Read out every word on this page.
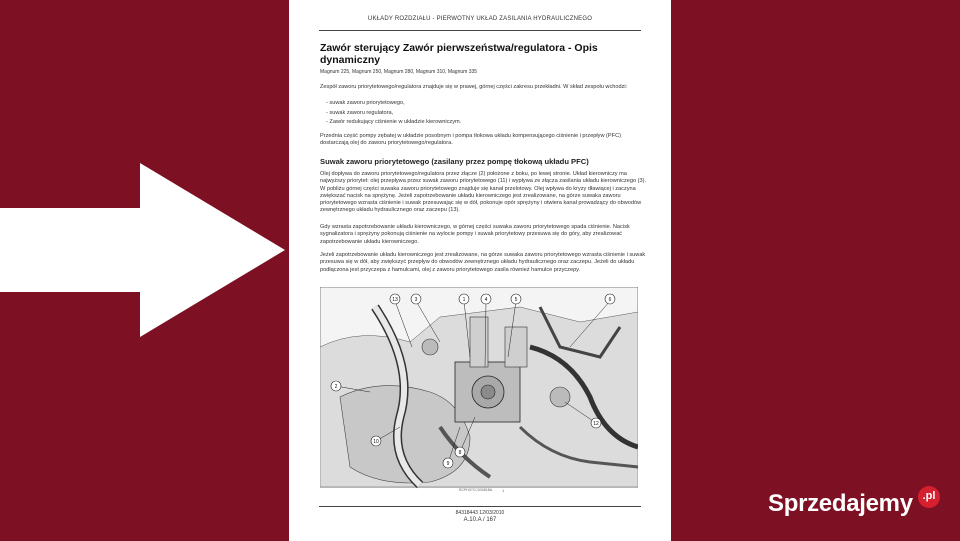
UKŁADY ROZDZIAŁU - PIERWOTNY UKŁAD ZASILANIA HYDRAULICZNEGO
Zawór sterujący Zawór pierwszeństwa/regulatora - Opis dynamiczny
Magnum 225, Magnum 250, Magnum 280, Magnum 310, Magnum 335
Zespół zaworu priorytetowego/regulatora znajduje się w prawej, górnej części zakresu przekładni. W skład zespołu wchodzi:
- suwak zaworu priorytetowego,
- suwak zaworu regulatora,
- Zawór redukujący ciśnienie w układzie kierowniczym.
Przednia część pompy zębatej w układzie posobnym i pompa tłokowa układu kompensującego ciśnienie i przepływ (PFC) dostarczają olej do zaworu priorytetowego/regulatora.
Suwak zaworu priorytetowego (zasilany przez pompę tłokową układu PFC)
Olej dopływa do zaworu priorytetowego/regulatora przez złącze (2) położone z boku, po lewej stronie. Układ kierowniczy ma najwyższy priorytet: olej przepływa przez suwak zaworu priorytetowego (11) i wypływa ze złącza zasilania układu kierowniczego (3). W pobliżu górnej części suwaka zaworu priorytetowego znajduje się kanał przelotowy. Olej wpływa do kryzy dławiącej i zaczyna zwiększać nacisk na sprężynę. Jeżeli zapotrzebowanie układu kierowniczego jest zrealizowane, na górze suwaka zaworu priorytetowego wzrasta ciśnienie i suwak przesuwając się w dół, pokonuje opór sprężyny i otwiera kanał prowadzący do obwodów zewnętrznego układu hydraulicznego oraz zaczepu (13).
Gdy wzrasta zapotrzebowanie układu kierowniczego, w górnej części suwaka zaworu priorytetowego spada ciśnienie. Nacisk sygnalizatora i sprężyny pokonują ciśnienie na wylocie pompy i suwak priorytetowy przesuwa się do góry, aby zrealizować zapotrzebowanie układu kierowniczego.
Jeżeli zapotrzebowanie układu kierowniczego jest zrealizowane, na górze suwaka zaworu priorytetowego wzrasta ciśnienie i suwak przesuwa się w dół, aby zwiększyć przepływ do obwodów zewnętrznego układu hydraulicznego oraz zaczepu. Jeżeli do układu podłączona jest przyczepa z hamulcami, olej z zaworu priorytetowego zasila również hamulce przyczepy.
13	3	1	4	5
2
10
6
12
8
9
RCPH07CC00081BA 1
84318443 12/03/2010
A.10.A / 167
Sprzedajemy .pl
